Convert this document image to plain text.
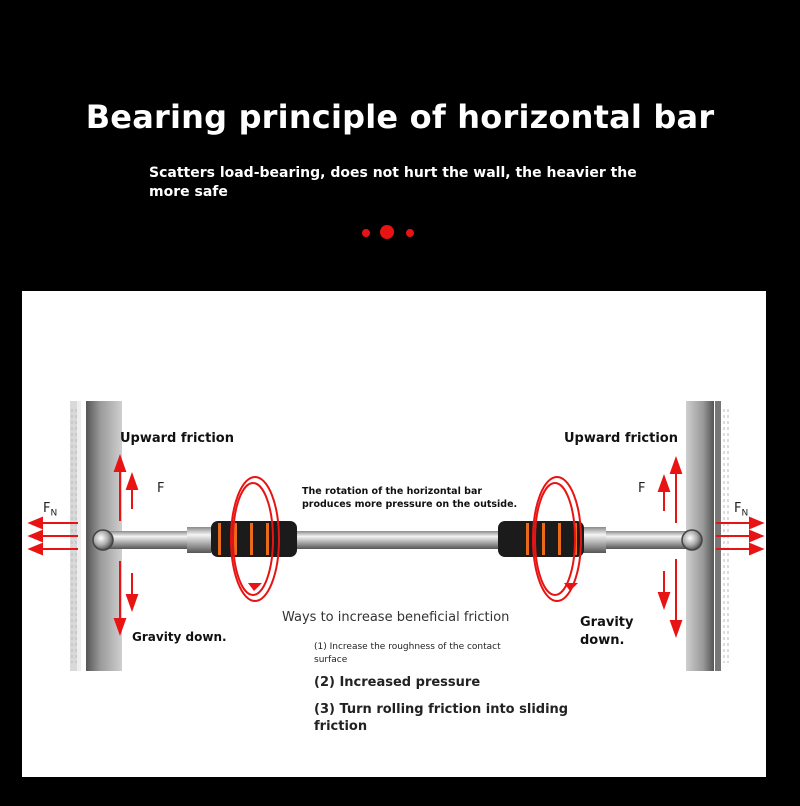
Bearing principle of horizontal bar
Scatters load-bearing, does not hurt the wall, the heavier the more safe
Upward friction
F
$F_N$
Gravity down.
Upward friction
F
$F_N$
Gravity
down.
The rotation of the horizontal bar
produces more pressure on the outside.
Ways to increase beneficial friction
(1) Increase the roughness of the contact
surface
(2) Increased pressure
(3) Turn rolling friction into sliding
friction
